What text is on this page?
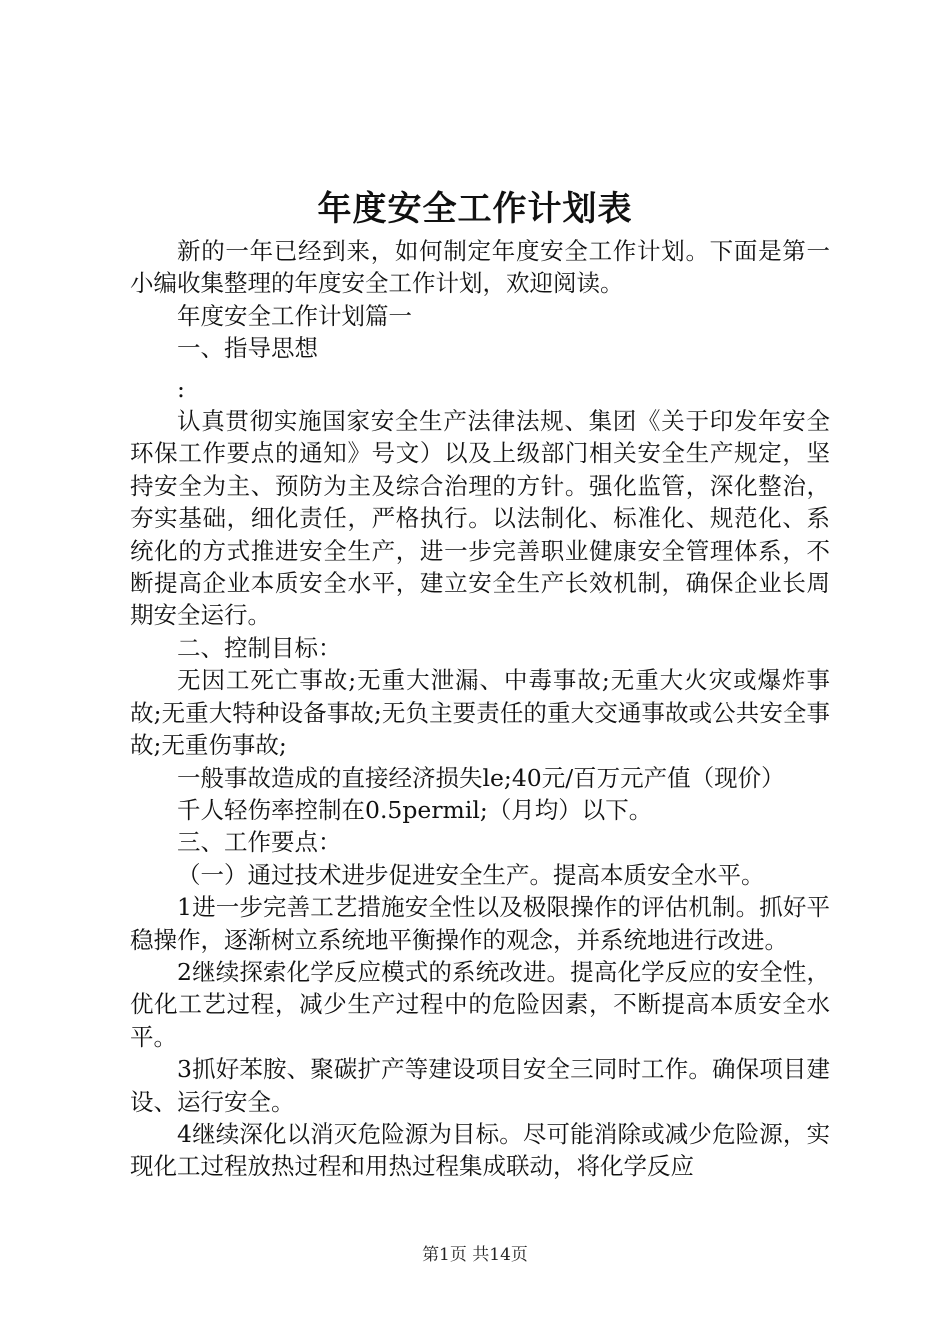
年度安全工作计划表

新的一年已经到来，如何制定年度安全工作计划。下面是第一小编收集整理的年度安全工作计划，欢迎阅读。

年度安全工作计划篇一

一、指导思想

:

认真贯彻实施国家安全生产法律法规、集团《关于印发年安全环保工作要点的通知》号文）以及上级部门相关安全生产规定，坚持安全为主、预防为主及综合治理的方针。强化监管，深化整治，夯实基础，细化责任，严格执行。以法制化、标准化、规范化、系统化的方式推进安全生产，进一步完善职业健康安全管理体系，不断提高企业本质安全水平，建立安全生产长效机制，确保企业长周期安全运行。

二、控制目标：

无因工死亡事故;无重大泄漏、中毒事故;无重大火灾或爆炸事故;无重大特种设备事故;无负主要责任的重大交通事故或公共安全事故;无重伤事故;

一般事故造成的直接经济损失le;40元/百万元产值（现价）

千人轻伤率控制在0.5permil;（月均）以下。

三、工作要点：

（一）通过技术进步促进安全生产。提高本质安全水平。

1进一步完善工艺措施安全性以及极限操作的评估机制。抓好平稳操作，逐渐树立系统地平衡操作的观念，并系统地进行改进。

2继续探索化学反应模式的系统改进。提高化学反应的安全性，优化工艺过程，减少生产过程中的危险因素，不断提高本质安全水平。

3抓好苯胺、聚碳扩产等建设项目安全三同时工作。确保项目建设、运行安全。

4继续深化以消灭危险源为目标。尽可能消除或减少危险源，实现化工过程放热过程和用热过程集成联动，将化学反应

第1页 共14页
